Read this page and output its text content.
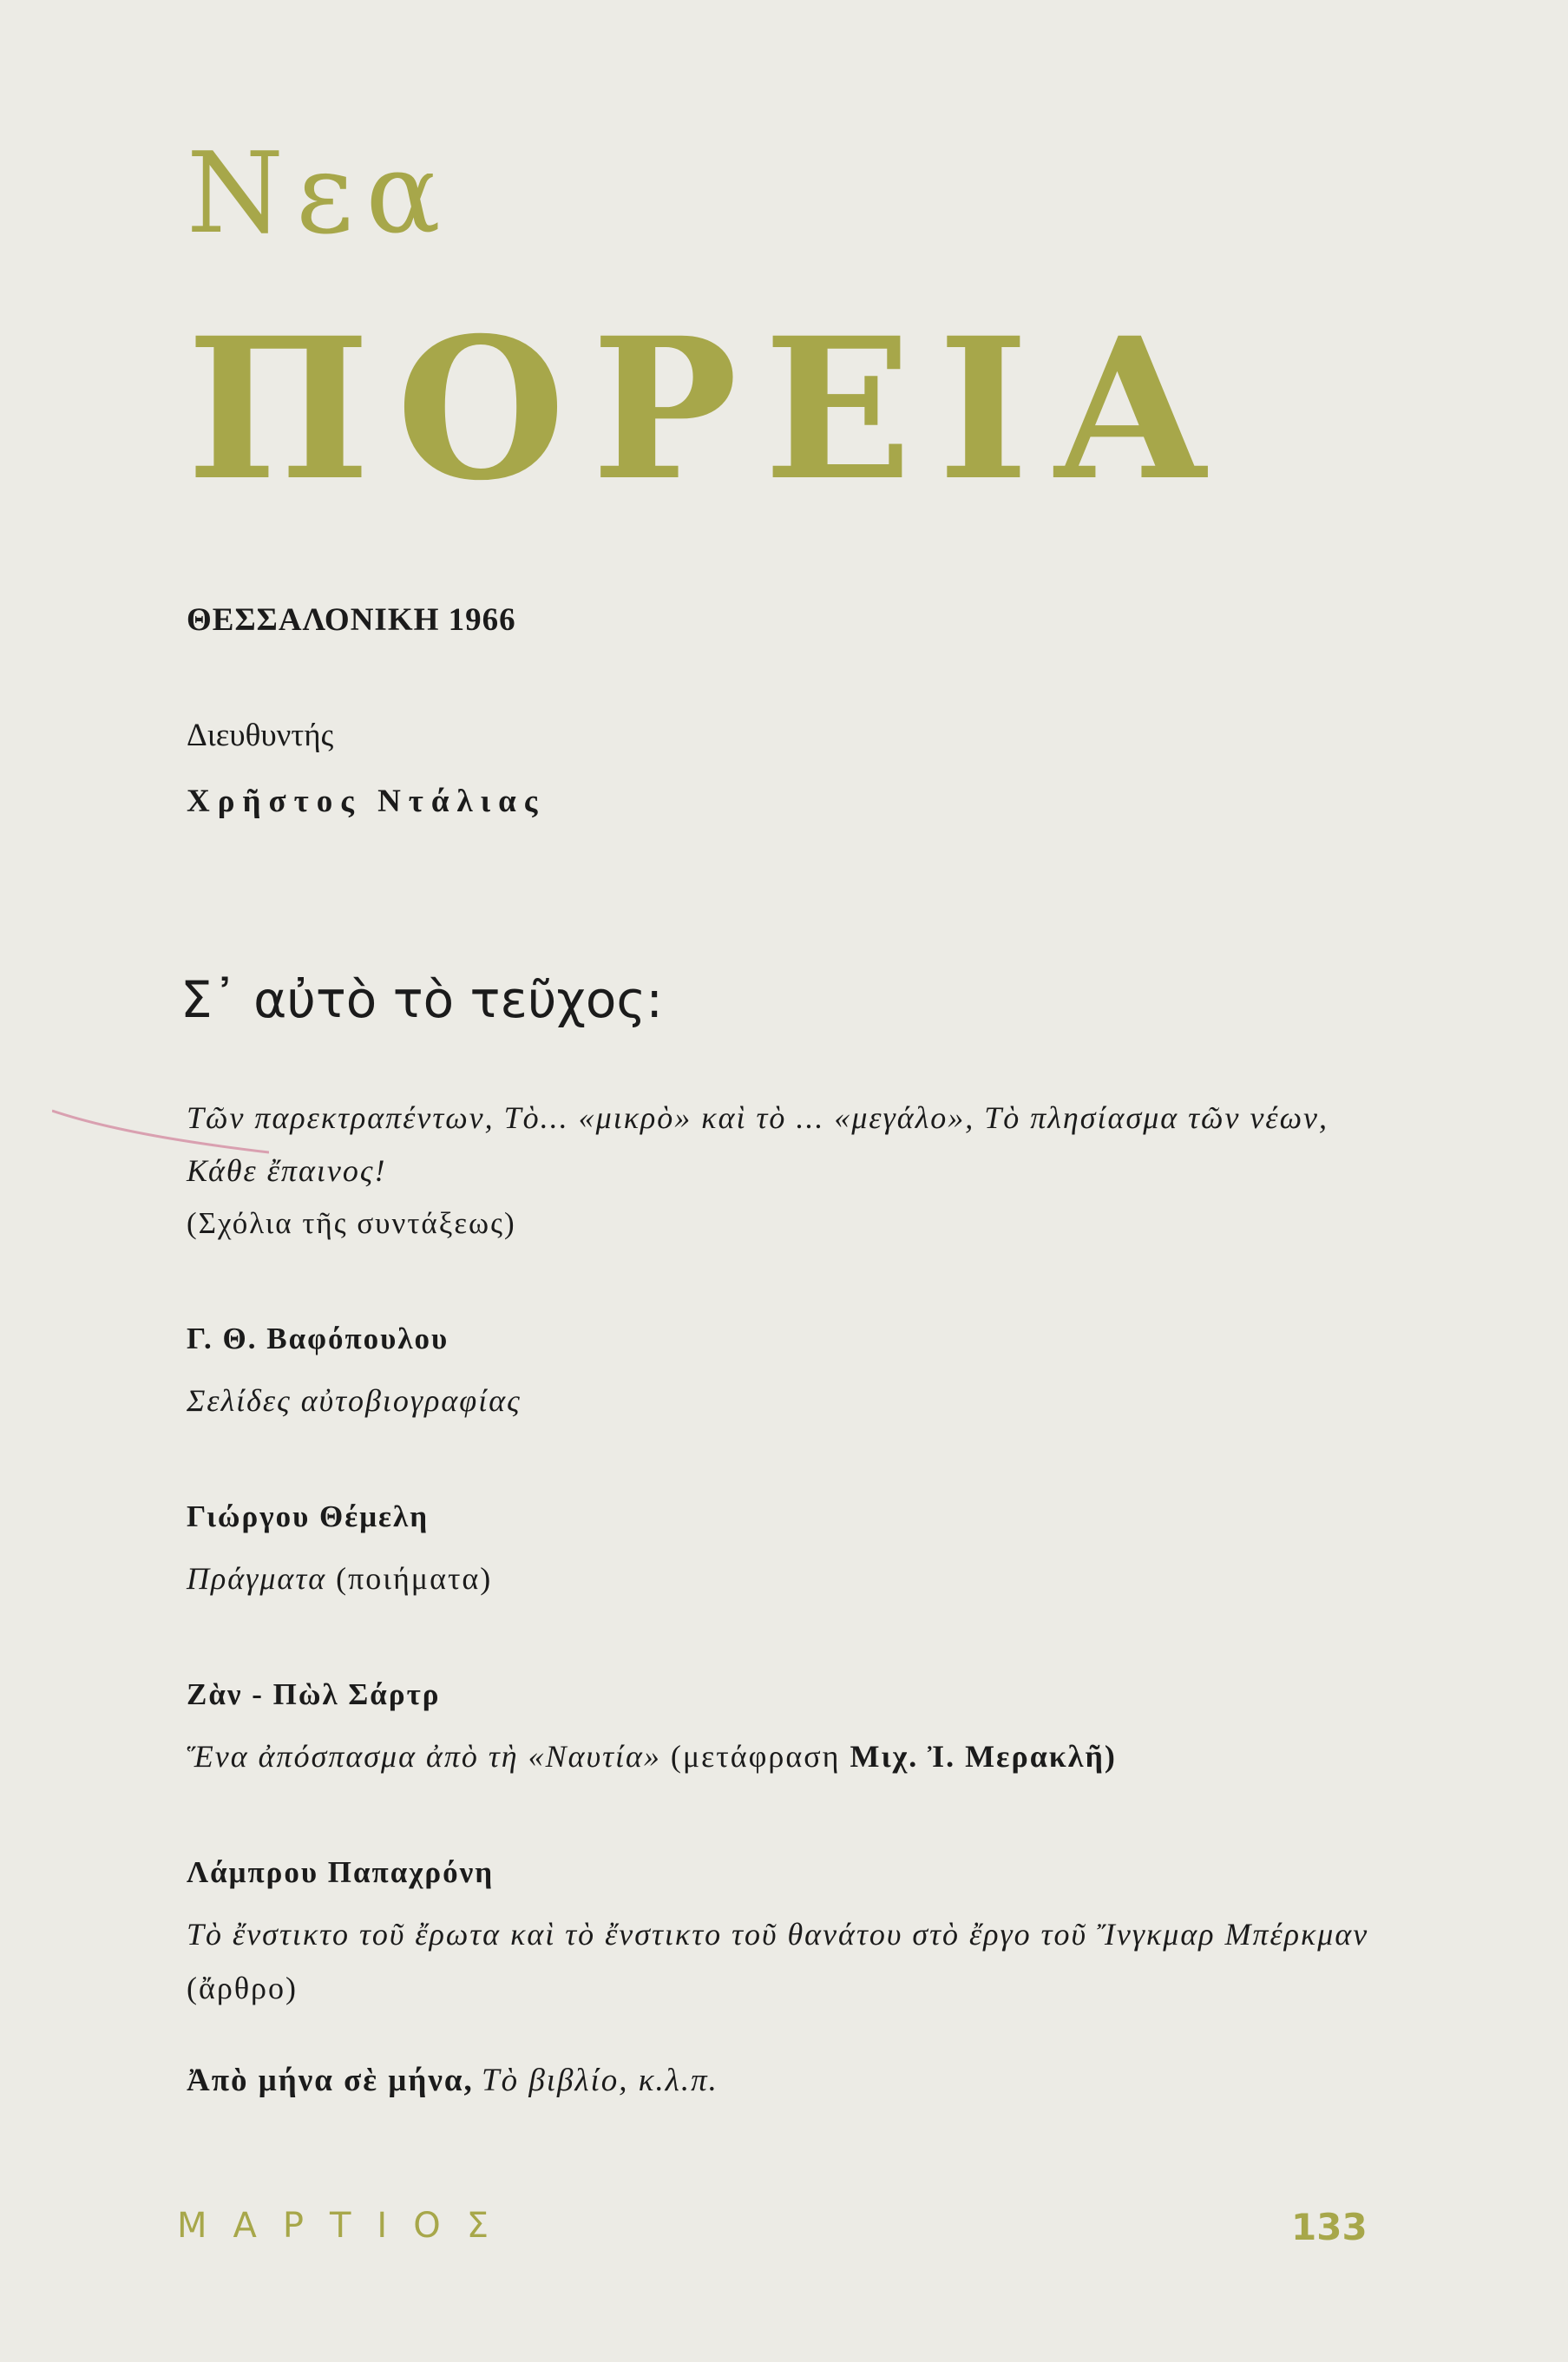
Νεα
ΠΟΡΕΙΑ

ΘΕΣΣΑΛΟΝΙΚΗ 1966

Διευθυντής

Χρῆστος Ντάλιας

Σ᾽ αὐτὸ τὸ τεῦχος:

Τῶν παρεκτραπέντων, Τὸ... «μικρὸ» καὶ τὸ ... «μεγάλο», Τὸ πλησίασμα τῶν νέων, Κάθε ἔπαινος!

(Σχόλια τῆς συντάξεως)

Γ. Θ. Βαφόπουλου

Σελίδες αὐτοβιογραφίας

Γιώργου Θέμελη

Πράγματα (ποιήματα)

Ζὰν - Πὼλ Σάρτρ

Ἕνα ἀπόσπασμα ἀπὸ τὴ «Ναυτία» (μετάφραση Μιχ. Ἰ. Μερακλῆ)

Λάμπρου Παπαχρόνη

Τὸ ἔνστικτο τοῦ ἔρωτα καὶ τὸ ἔνστικτο τοῦ θανάτου στὸ ἔργο τοῦ Ἴνγκμαρ Μπέρκμαν (ἄρθρο)

Ἀπὸ μήνα σὲ μήνα, Τὸ βιβλίο, κ.λ.π.

ΜΑΡΤΙΟΣ	133
